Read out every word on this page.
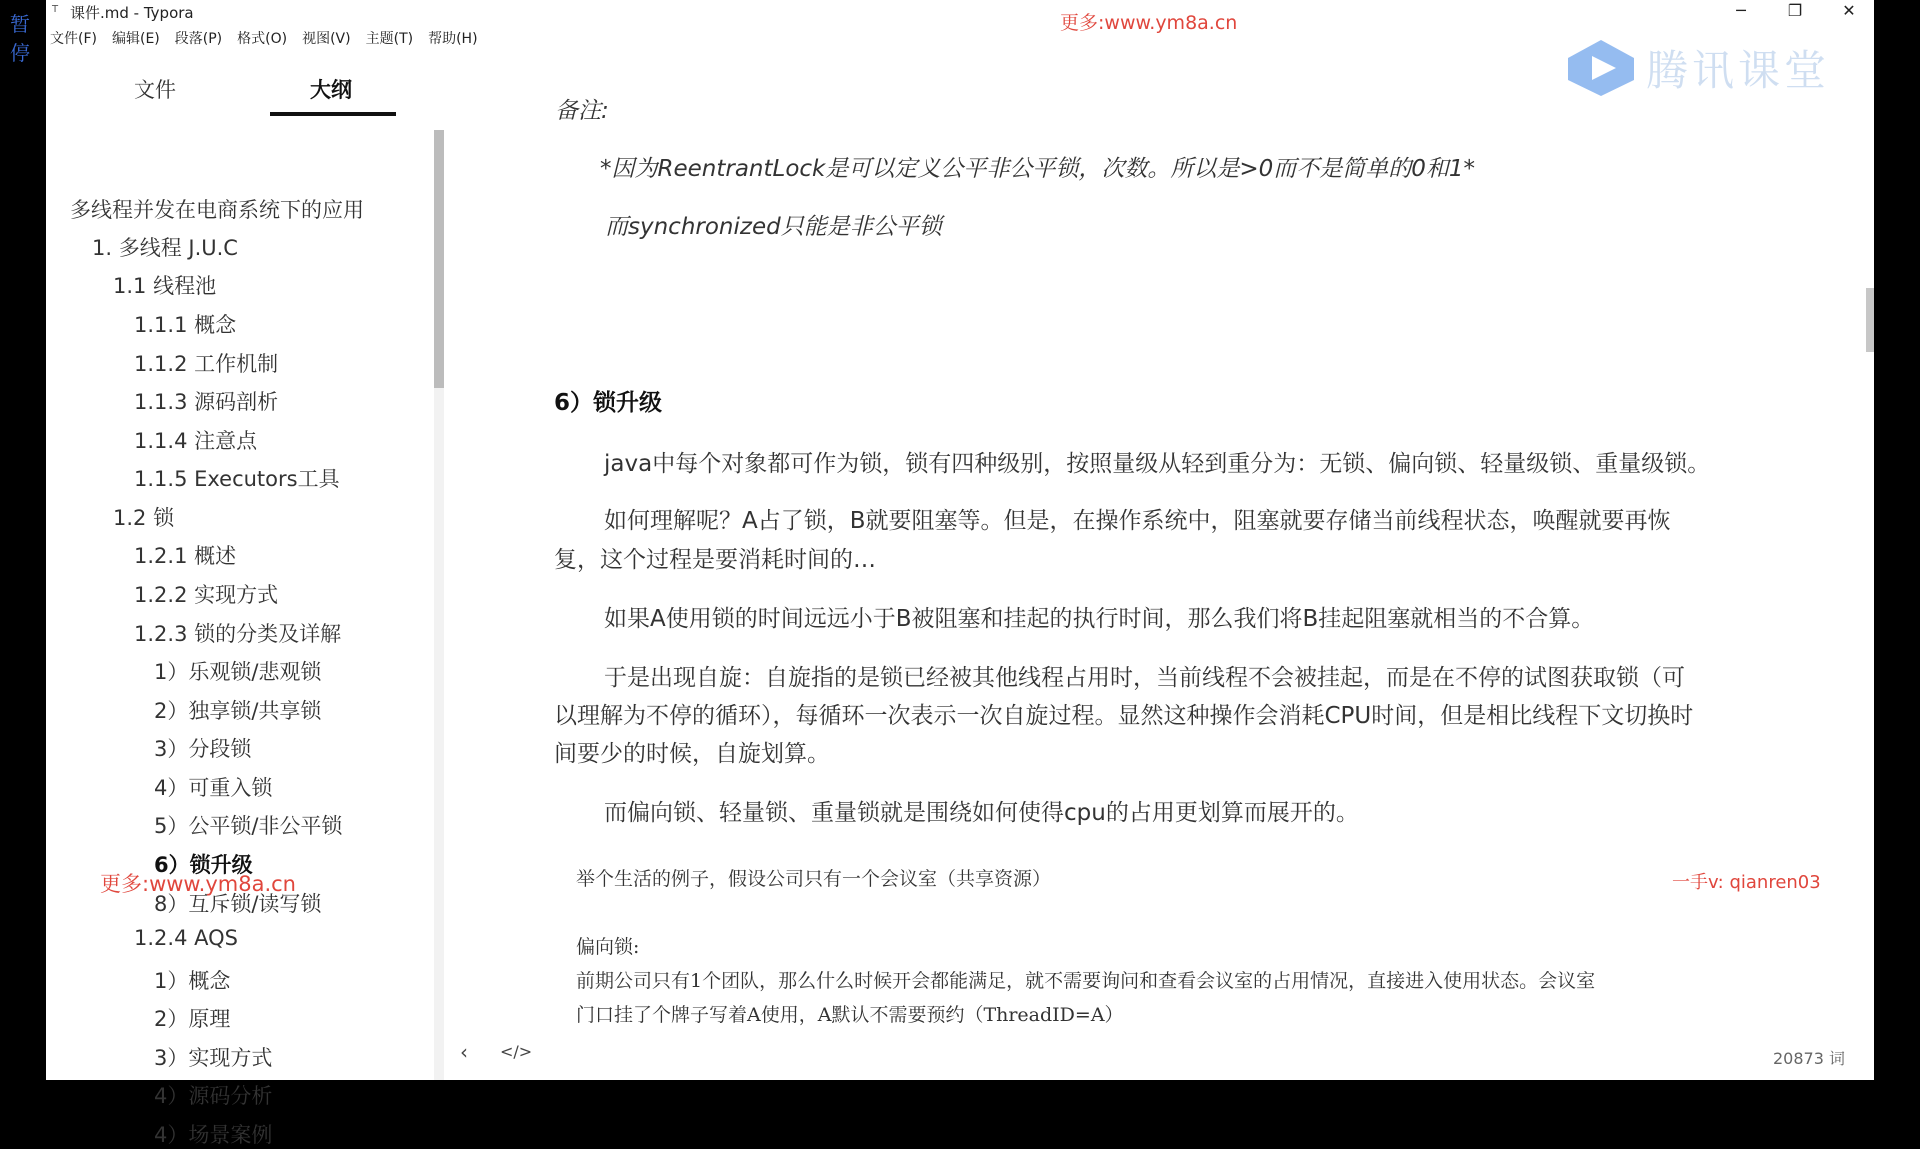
暂停
T 课件.md - Typora	─	❐	✕
文件(F) 编辑(E) 段落(P) 格式(O) 视图(V) 主题(T) 帮助(H)
更多:www.ym8a.cn
腾讯课堂
文件	大纲
多线程并发在电商系统下的应用
1. 多线程 J.U.C
1.1 线程池
1.1.1 概念
1.1.2 工作机制
1.1.3 源码剖析
1.1.4 注意点
1.1.5 Executors工具
1.2 锁
1.2.1 概述
1.2.2 实现方式
1.2.3 锁的分类及详解
1）乐观锁/悲观锁
2）独享锁/共享锁
3）分段锁
4）可重入锁
5）公平锁/非公平锁
6）锁升级
8）互斥锁/读写锁
1.2.4 AQS
1）概念
2）原理
3）实现方式
4）源码分析
4）场景案例
更多:www.ym8a.cn
备注:
*因为ReentrantLock是可以定义公平非公平锁，次数。所以是>0而不是简单的0和1*
而synchronized只能是非公平锁
6）锁升级
java中每个对象都可作为锁，锁有四种级别，按照量级从轻到重分为：无锁、偏向锁、轻量级锁、重量级锁。
如何理解呢？A占了锁，B就要阻塞等。但是，在操作系统中，阻塞就要存储当前线程状态，唤醒就要再恢
复，这个过程是要消耗时间的…
如果A使用锁的时间远远小于B被阻塞和挂起的执行时间，那么我们将B挂起阻塞就相当的不合算。
于是出现自旋：自旋指的是锁已经被其他线程占用时，当前线程不会被挂起，而是在不停的试图获取锁（可
以理解为不停的循环），每循环一次表示一次自旋过程。显然这种操作会消耗CPU时间，但是相比线程下文切换时
间要少的时候，自旋划算。
而偏向锁、轻量锁、重量锁就是围绕如何使得cpu的占用更划算而展开的。
举个生活的例子，假设公司只有一个会议室（共享资源）	一手v: qianren03
偏向锁:
前期公司只有1个团队，那么什么时候开会都能满足，就不需要询问和查看会议室的占用情况，直接进入使用状态。会议室
门口挂了个牌子写着A使用，A默认不需要预约（ThreadID=A）
‹ </>	20873 词
